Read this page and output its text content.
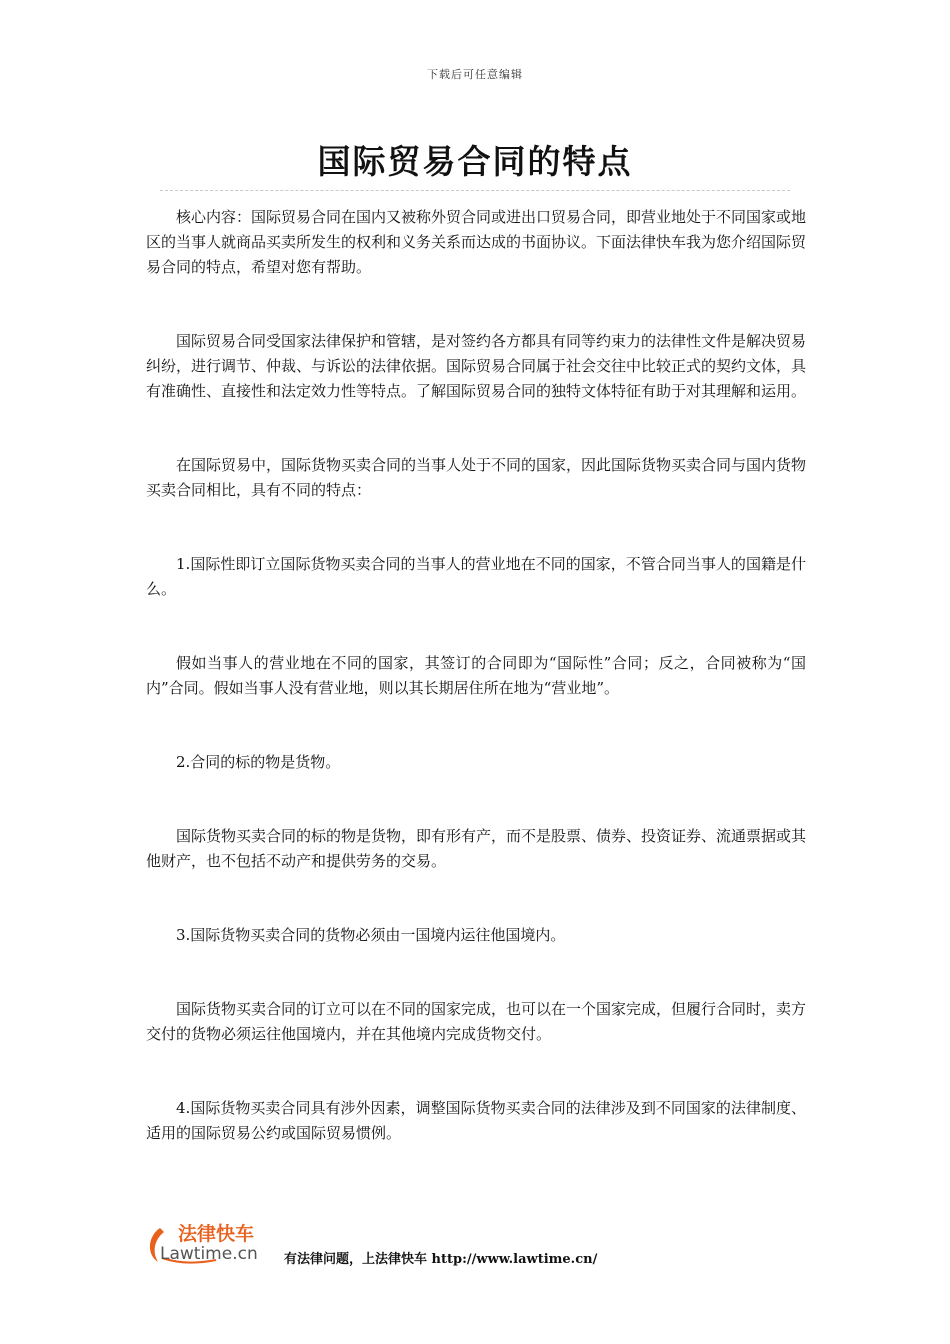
下载后可任意编辑
国际贸易合同的特点

核心内容：国际贸易合同在国内又被称外贸合同或进出口贸易合同，即营业地处于不同国家或地区的当事人就商品买卖所发生的权利和义务关系而达成的书面协议。下面法律快车我为您介绍国际贸易合同的特点，希望对您有帮助。

国际贸易合同受国家法律保护和管辖，是对签约各方都具有同等约束力的法律性文件是解决贸易纠纷，进行调节、仲裁、与诉讼的法律依据。国际贸易合同属于社会交往中比较正式的契约文体，具有准确性、直接性和法定效力性等特点。了解国际贸易合同的独特文体特征有助于对其理解和运用。

在国际贸易中，国际货物买卖合同的当事人处于不同的国家，因此国际货物买卖合同与国内货物买卖合同相比，具有不同的特点：

1.国际性即订立国际货物买卖合同的当事人的营业地在不同的国家，不管合同当事人的国籍是什么。

假如当事人的营业地在不同的国家，其签订的合同即为“国际性”合同；反之，合同被称为“国内”合同。假如当事人没有营业地，则以其长期居住所在地为“营业地”。

2.合同的标的物是货物。

国际货物买卖合同的标的物是货物，即有形有产，而不是股票、债券、投资证券、流通票据或其他财产，也不包括不动产和提供劳务的交易。

3.国际货物买卖合同的货物必须由一国境内运往他国境内。

国际货物买卖合同的订立可以在不同的国家完成，也可以在一个国家完成，但履行合同时，卖方交付的货物必须运往他国境内，并在其他境内完成货物交付。

4.国际货物买卖合同具有涉外因素，调整国际货物买卖合同的法律涉及到不同国家的法律制度、适用的国际贸易公约或国际贸易惯例。

法律快车
Lawtime.cn 有法律问题，上法律快车 http://www.lawtime.cn/
